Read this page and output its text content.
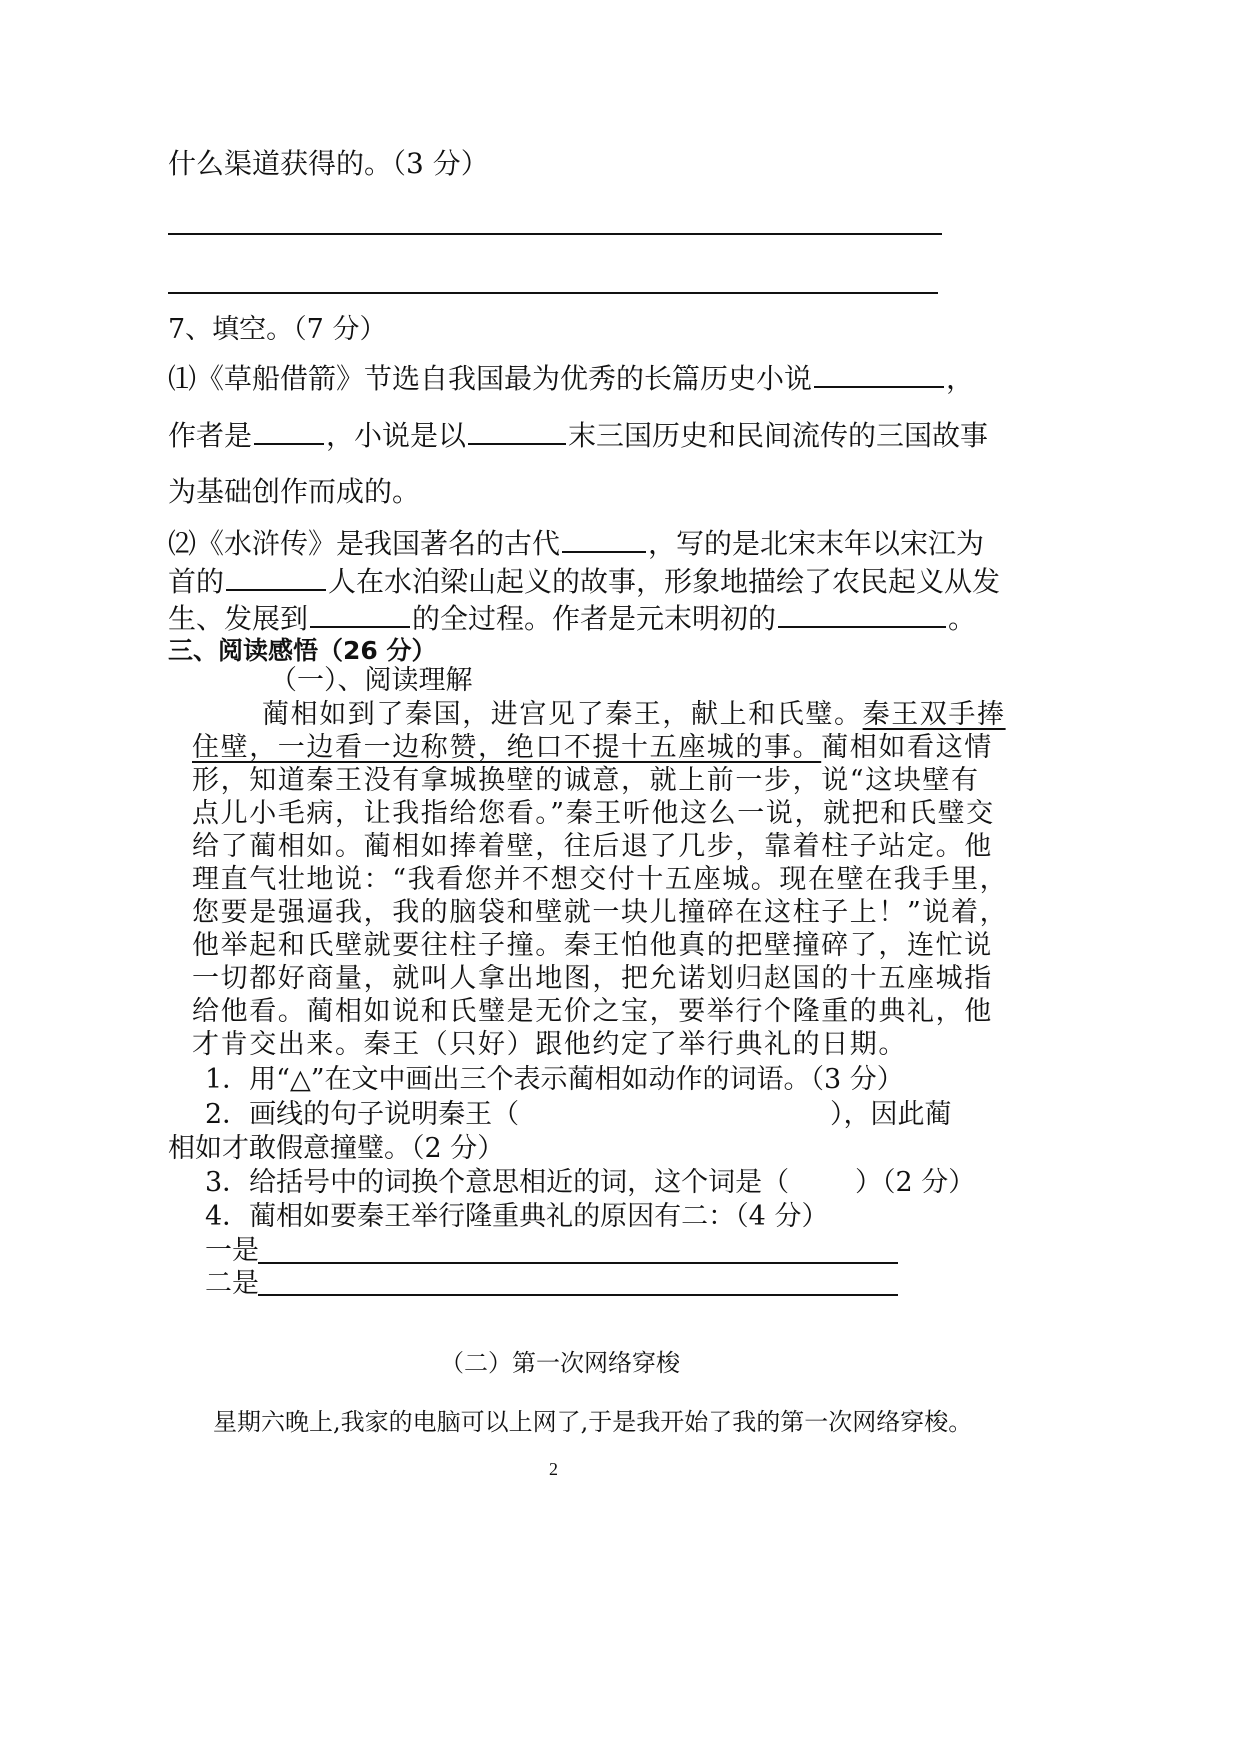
什么渠道获得的。（3 分）
7、填空。（7 分）
⑴《草船借箭》节选自我国最为优秀的长篇历史小说	，
作者是	，小说是以	末三国历史和民间流传的三国故事
为基础创作而成的。
⑵《水浒传》是我国著名的古代	，写的是北宋末年以宋江为
首的	人在水泊梁山起义的故事，形象地描绘了农民起义从发
生、发展到	的全过程。作者是元末明初的	。
三、阅读感悟（26 分）
（一）、阅读理解
蔺相如到了秦国，进宫见了秦王，献上和氏璧。秦王双手捧
住壁，一边看一边称赞，绝口不提十五座城的事。蔺相如看这情
形，知道秦王没有拿城换壁的诚意，就上前一步，说“这块壁有
点儿小毛病，让我指给您看。”秦王听他这么一说，就把和氏璧交
给了蔺相如。蔺相如捧着壁，往后退了几步，靠着柱子站定。他
理直气壮地说：“我看您并不想交付十五座城。现在壁在我手里，
您要是强逼我，我的脑袋和壁就一块儿撞碎在这柱子上！”说着，
他举起和氏壁就要往柱子撞。秦王怕他真的把壁撞碎了，连忙说
一切都好商量，就叫人拿出地图，把允诺划归赵国的十五座城指
给他看。蔺相如说和氏璧是无价之宝，要举行个隆重的典礼，他
才肯交出来。秦王（只好）跟他约定了举行典礼的日期。
1．用“△”在文中画出三个表示蔺相如动作的词语。（3 分）
2．画线的句子说明秦王（	），因此蔺
相如才敢假意撞璧。（2 分）
3．给括号中的词换个意思相近的词，这个词是（ ）（2 分）
4．蔺相如要秦王举行隆重典礼的原因有二：（4 分）
一是
二是
（二）第一次网络穿梭
星期六晚上,我家的电脑可以上网了,于是我开始了我的第一次网络穿梭。
2
